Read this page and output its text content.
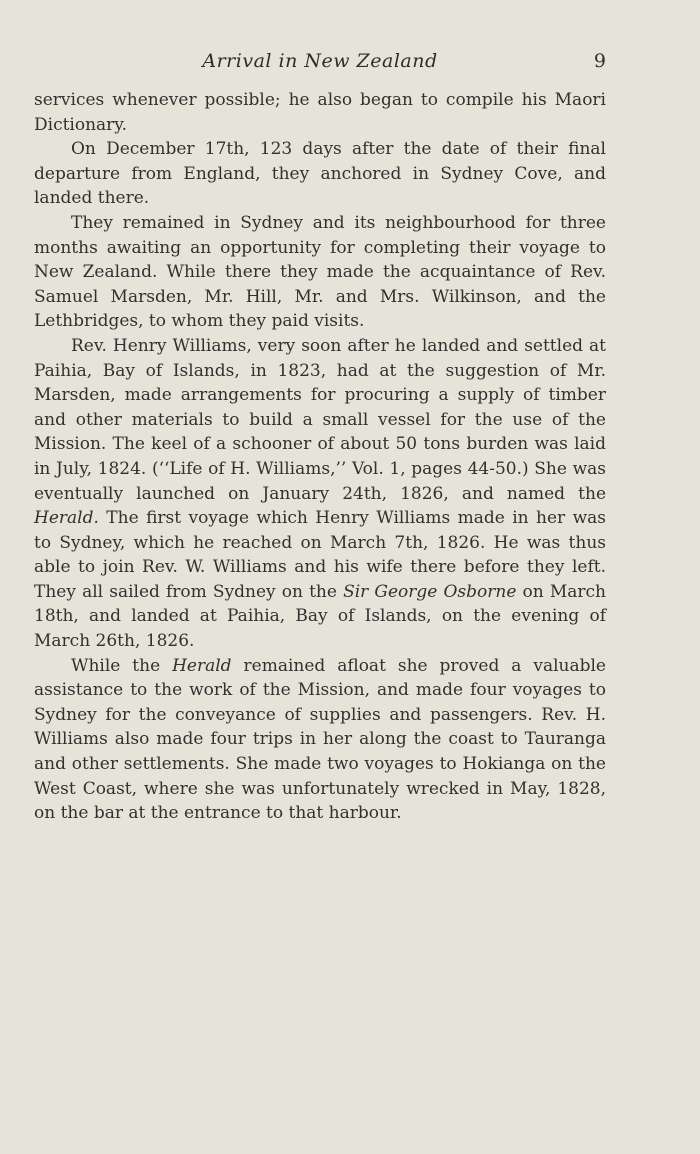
Arrival in New Zealand	9

services whenever possible; he also began to compile his Maori Dictionary.

On December 17th, 123 days after the date of their final departure from England, they anchored in Sydney Cove, and landed there.

They remained in Sydney and its neighbourhood for three months awaiting an opportunity for completing their voyage to New Zealand. While there they made the acquaintance of Rev. Samuel Marsden, Mr. Hill, Mr. and Mrs. Wilkinson, and the Lethbridges, to whom they paid visits.

Rev. Henry Williams, very soon after he landed and settled at Paihia, Bay of Islands, in 1823, had at the suggestion of Mr. Marsden, made arrangements for procuring a supply of timber and other materials to build a small vessel for the use of the Mission. The keel of a schooner of about 50 tons burden was laid in July, 1824. (‘‘Life of H. Williams,’’ Vol. 1, pages 44-50.) She was eventually launched on January 24th, 1826, and named the Herald. The first voyage which Henry Williams made in her was to Sydney, which he reached on March 7th, 1826. He was thus able to join Rev. W. Williams and his wife there before they left. They all sailed from Sydney on the Sir George Osborne on March 18th, and landed at Paihia, Bay of Islands, on the evening of March 26th, 1826.

While the Herald remained afloat she proved a valuable assistance to the work of the Mission, and made four voyages to Sydney for the conveyance of supplies and passengers. Rev. H. Williams also made four trips in her along the coast to Tauranga and other settlements. She made two voyages to Hokianga on the West Coast, where she was unfortunately wrecked in May, 1828, on the bar at the entrance to that harbour.
